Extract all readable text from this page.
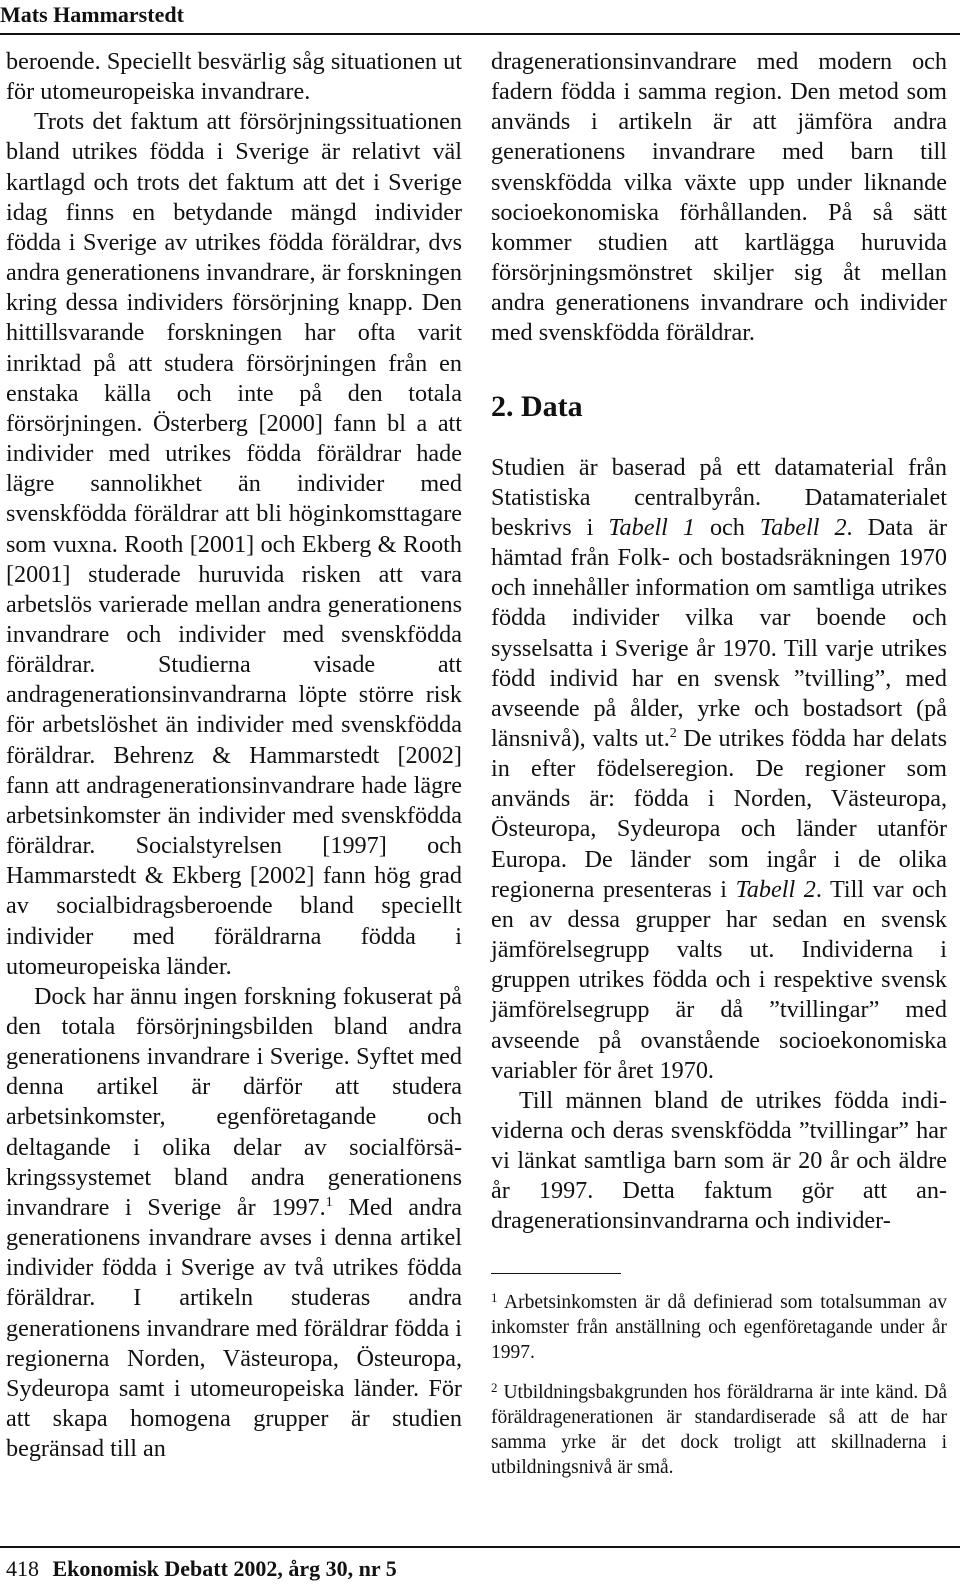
Mats Hammarstedt

beroende. Speciellt besvärlig såg situationen ut för utomeuropeiska invandrare.

Trots det faktum att försörjningssituationen bland utrikes födda i Sverige är relativt väl kartlagd och trots det faktum att det i Sverige idag finns en betydande mängd individer födda i Sverige av utrikes födda föräldrar, dvs andra generationens invandrare, är forskningen kring dessa individers försörjning knapp. Den hittillsvarande forskningen har ofta varit inriktad på att studera försörjningen från en enstaka källa och inte på den totala försörjningen. Österberg [2000] fann bl a att individer med utrikes födda föräldrar hade lägre sannolikhet än individer med svenskfödda föräldrar att bli höginkomsttagare som vuxna. Rooth [2001] och Ekberg & Rooth [2001] studerade huruvida risken att vara arbetslös varierade mellan andra generationens invandrare och individer med svenskfödda föräldrar. Studierna visade att andragenerationsinvandrarna löpte större risk för arbetslöshet än individer med svenskfödda föräldrar. Behrenz & Hammarstedt [2002] fann att andragenerationsinvandrare hade lägre arbetsinkomster än individer med svenskfödda föräldrar. Socialstyrelsen [1997] och Hammarstedt & Ekberg [2002] fann hög grad av socialbidragsberoende bland speciellt individer med föräldrarna födda i utomeuropeiska länder.

Dock har ännu ingen forskning fokuserat på den totala försörjningsbilden bland andra generationens invandrare i Sverige. Syftet med denna artikel är därför att studera arbetsinkomster, egenföretagande och deltagande i olika delar av socialförsäkringssystemet bland andra generationens invandrare i Sverige år 1997.$^1$ Med andra generationens invandrare avses i denna artikel individer födda i Sverige av två utrikes födda föräldrar. I artikeln studeras andra generationens invandrare med föräldrar födda i regionerna Norden, Västeuropa, Östeuropa, Sydeuropa samt i utomeuropeiska länder. För att skapa homogena grupper är studien begränsad till an

dragenerationsinvandrare med modern och fadern födda i samma region. Den metod som används i artikeln är att jämföra andra generationens invandrare med barn till svenskfödda vilka växte upp under liknande socioekonomiska förhållanden. På så sätt kommer studien att kartlägga huruvida försörjningsmönstret skiljer sig åt mellan andra generationens invandrare och individer med svenskfödda föräldrar.

2. Data

Studien är baserad på ett datamaterial från Statistiska centralbyrån. Datamaterialet beskrivs i Tabell 1 och Tabell 2. Data är hämtad från Folk- och bostadsräkningen 1970 och innehåller information om samtliga utrikes födda individer vilka var boende och sysselsatta i Sverige år 1970. Till varje utrikes född individ har en svensk ”tvilling”, med avseende på ålder, yrke och bostadsort (på länsnivå), valts ut.$^2$ De utrikes födda har delats in efter födelseregion. De regioner som används är: födda i Norden, Västeuropa, Östeuropa, Sydeuropa och länder utanför Europa. De länder som ingår i de olika regionerna presenteras i Tabell 2. Till var och en av dessa grupper har sedan en svensk jämförelsegrupp valts ut. Individerna i gruppen utrikes födda och i respektive svensk jämförelsegrupp är då ”tvillingar” med avseende på ovanstående socioekonomiska variabler för året 1970.

Till männen bland de utrikes födda individerna och deras svenskfödda ”tvillingar” har vi länkat samtliga barn som är 20 år och äldre år 1997. Detta faktum gör att andragenerationsinvandrarna och individer-

$^1$ Arbetsinkomsten är då definierad som totalsumman av inkomster från anställning och egenföretagande under år 1997.

$^2$ Utbildningsbakgrunden hos föräldrarna är inte känd. Då föräldragenerationen är standardiserade så att de har samma yrke är det dock troligt att skillnaderna i utbildningsnivå är små.

418 Ekonomisk Debatt 2002, årg 30, nr 5
